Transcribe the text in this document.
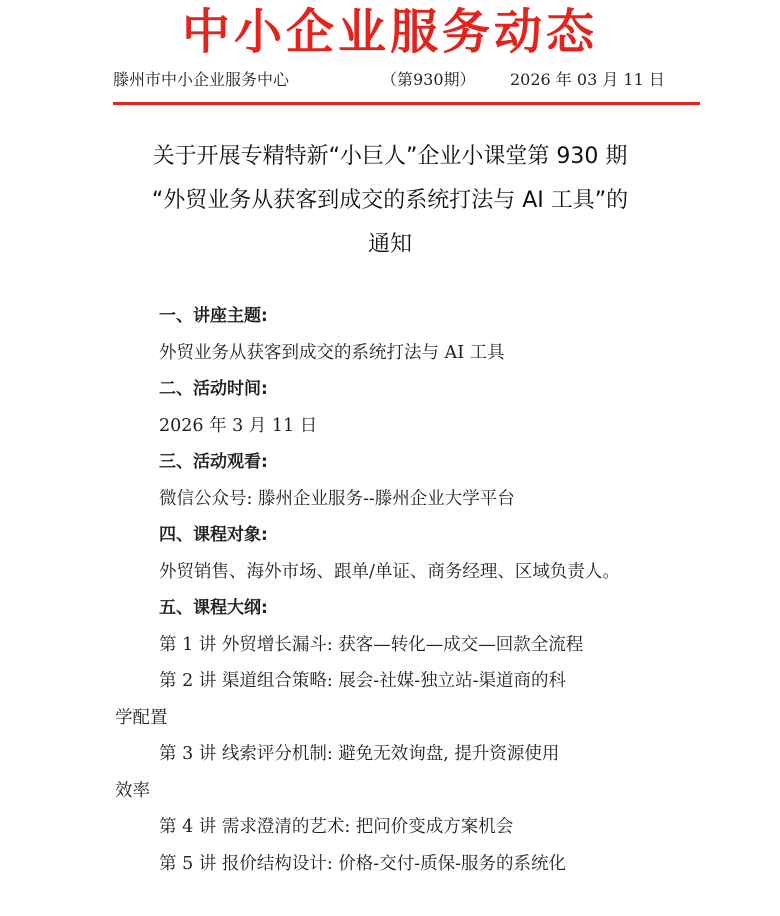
中小企业服务动态
滕州市中小企业服务中心	（第930期） 2026 年 03 月 11 日
关于开展专精特新“小巨人”企业小课堂第 930 期
“外贸业务从获客到成交的系统打法与 AI 工具”的
通知
一、讲座主题:
外贸业务从获客到成交的系统打法与 AI 工具
二、活动时间:
2026 年 3 月 11 日
三、活动观看:
微信公众号: 滕州企业服务--滕州企业大学平台
四、课程对象:
外贸销售、海外市场、跟单/单证、商务经理、区域负责人。
五、课程大纲:
第 1 讲 外贸增长漏斗: 获客—转化—成交—回款全流程
第 2 讲 渠道组合策略: 展会-社媒-独立站-渠道商的科
学配置
第 3 讲 线索评分机制: 避免无效询盘, 提升资源使用
效率
第 4 讲 需求澄清的艺术: 把问价变成方案机会
第 5 讲 报价结构设计: 价格-交付-质保-服务的系统化
